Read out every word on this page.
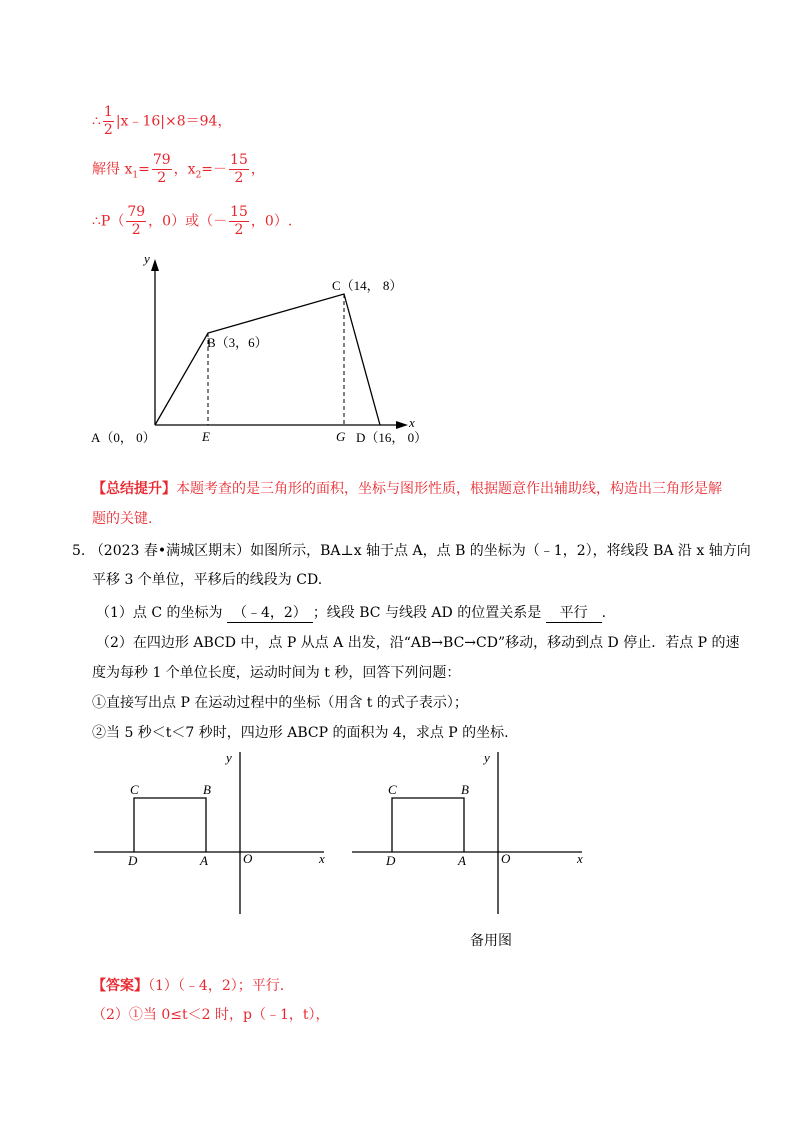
∴ $\frac{1}{2}$ |x﹣16|×8＝94，
解得 $x_1= \frac{79}{2}$ ，$x_2=- \frac{15}{2}$ ，
∴P（ $\frac{79}{2}$ ，0）或（－ $\frac{15}{2}$ ，0）.
y
x
A（0， 0）
B（3，6）
C（14， 8）
D（16， 0）
E	G
【总结提升】本题考查的是三角形的面积，坐标与图形性质，根据题意作出辅助线，构造出三角形是解
题的关键.
5. （2023 春•满城区期末）如图所示，BA⊥x 轴于点 A，点 B 的坐标为（﹣1，2），将线段 BA 沿 x 轴方向
平移 3 个单位，平移后的线段为 CD.
（1）点 C 的坐标为 （﹣4，2） ；线段 BC 与线段 AD 的位置关系是 平行 .
（2）在四边形 ABCD 中，点 P 从点 A 出发，沿“AB→BC→CD”移动，移动到点 D 停止．若点 P 的速
度为每秒 1 个单位长度，运动时间为 t 秒，回答下列问题：
①直接写出点 P 在运动过程中的坐标（用含 t 的式子表示）；
②当 5 秒＜t＜7 秒时，四边形 ABCP 的面积为 4，求点 P 的坐标.
y
x
O
C	B
D	A
y
x
O
C	B
D	A
备用图
【答案】（1）（﹣4，2）；平行.
（2）①当 0≤t＜2 时，p（﹣1，t），
